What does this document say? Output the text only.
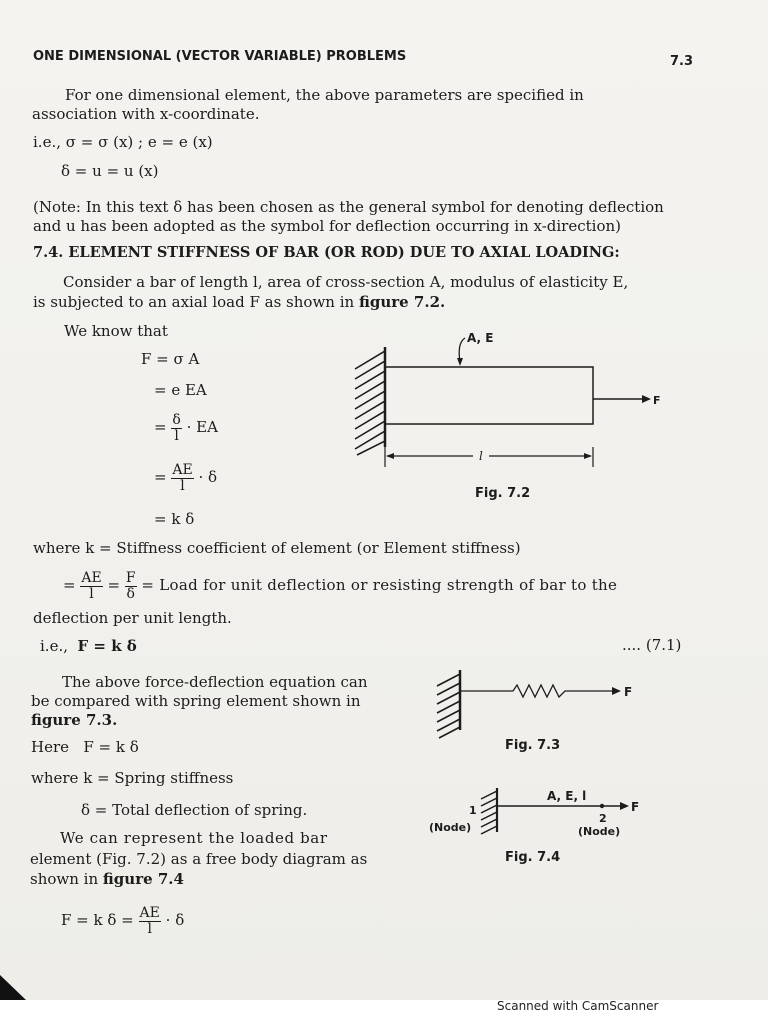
ONE DIMENSIONAL (VECTOR VARIABLE) PROBLEMS	7.3
For one dimensional element, the above parameters are specified in
association with x-coordinate.
i.e., σ = σ (x) ; e = e (x)
δ = u = u (x)
(Note: In this text δ has been chosen as the general symbol for denoting deflection
and u has been adopted as the symbol for deflection occurring in x-direction)
7.4. ELEMENT STIFFNESS OF BAR (OR ROD) DUE TO AXIAL LOADING:
Consider a bar of length l, area of cross-section A, modulus of elasticity E,
is subjected to an axial load F as shown in figure 7.2.
We know that
F = σ A
= e EA
= $\frac{\delta}{l}$ · EA
= $\frac{AE}{l} \cdot \delta$
= k δ
where k = Stiffness coefficient of element (or Element stiffness)
= $\frac{AE}{l} = \frac{F}{\delta}$ = Load for unit deflection or resisting strength of bar to the
deflection per unit length.
i.e., F = k δ	.... (7.1)
The above force-deflection equation can
be compared with spring element shown in
figure 7.3.
Here F = k δ
where k = Spring stiffness
δ = Total deflection of spring.
We can represent the loaded bar
element (Fig. 7.2) as a free body diagram as
shown in figure 7.4
F = k $\delta = \frac{AE}{l} \cdot \delta$
A, E
F
l
Fig. 7.2
F
Fig. 7.3
F
1
(Node)
A, E, l
2
(Node)
Fig. 7.4
Scanned with CamScanner
